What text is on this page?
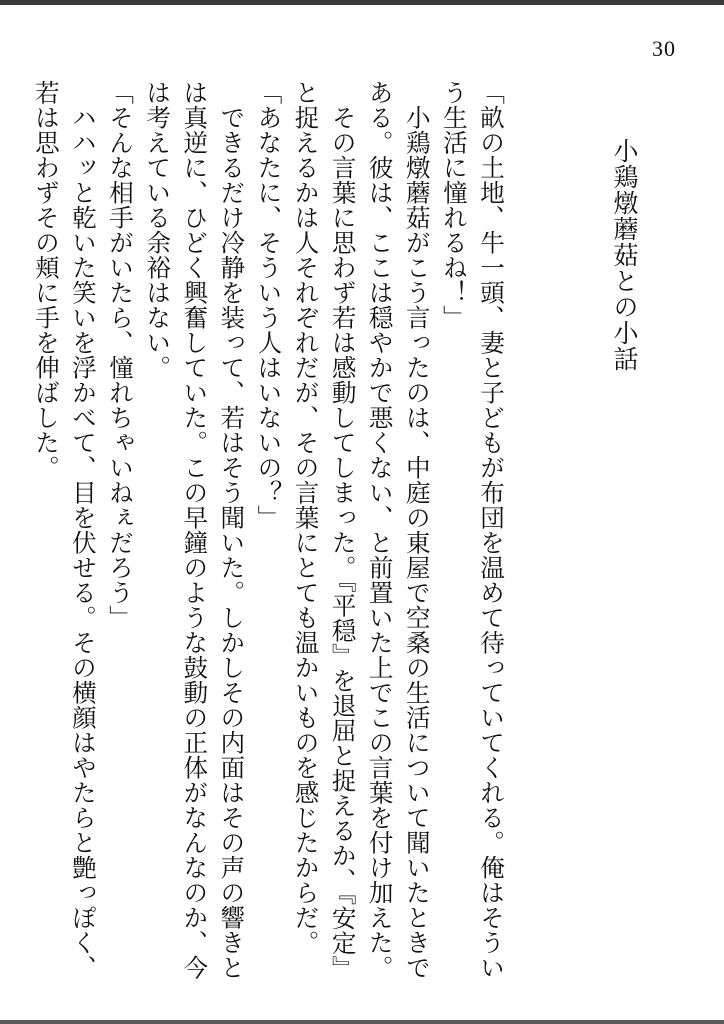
30
小鶏燉蘑菇との小話

「畝の土地、牛一頭、妻と子どもが布団を温めて待っていてくれる。俺はそういう生活に憧れるね！」

　小鶏燉蘑菇がこう言ったのは、中庭の東屋で空桑の生活について聞いたときである。彼は、ここは穏やかで悪くない、と前置いた上でこの言葉を付け加えた。

　その言葉に思わず若は感動してしまった。『平穏』を退屈と捉えるか、『安定』と捉えるかは人それぞれだが、その言葉にとても温かいものを感じたからだ。

「あなたに、そういう人はいないの？」

　できるだけ冷静を装って、若はそう聞いた。しかしその内面はその声の響きとは真逆に、ひどく興奮していた。この早鐘のような鼓動の正体がなんなのか、今は考えている余裕はない。

「そんな相手がいたら、憧れちゃいねぇだろう」

　ハハッと乾いた笑いを浮かべて、目を伏せる。その横顔はやたらと艶っぽく、若は思わずその頬に手を伸ばした。
